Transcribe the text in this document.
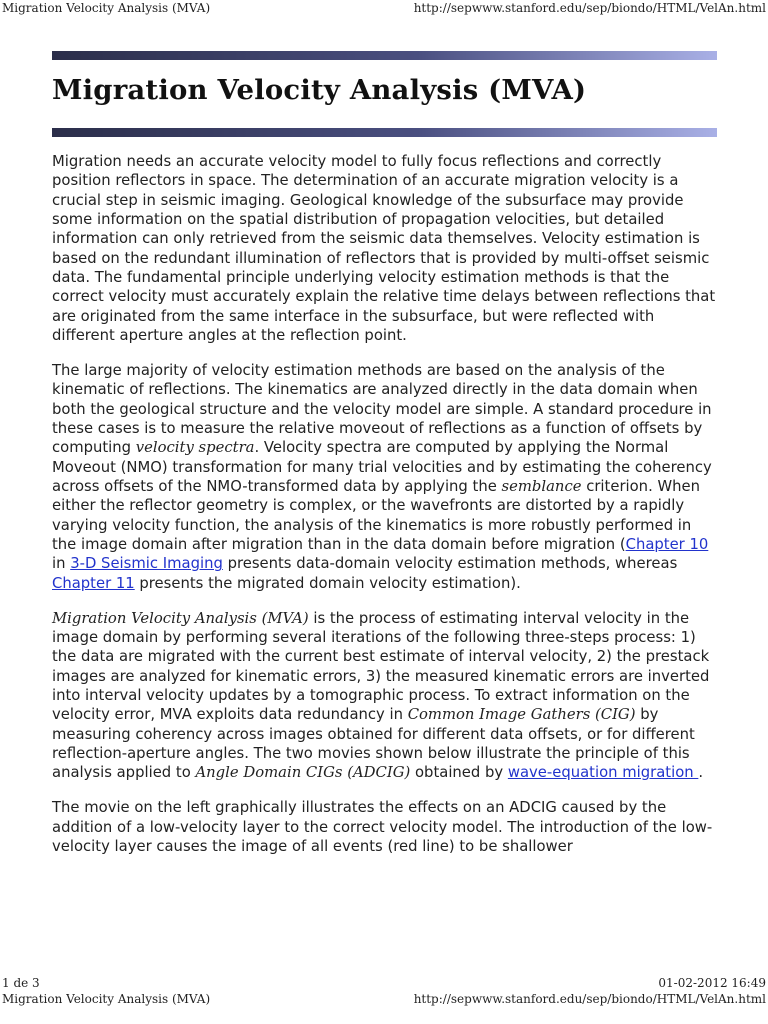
Migration Velocity Analysis (MVA)	http://sepwww.stanford.edu/sep/biondo/HTML/VelAn.html
Migration Velocity Analysis (MVA)

Migration needs an accurate velocity model to fully focus reflections and correctly position reflectors in space. The determination of an accurate migration velocity is a crucial step in seismic imaging. Geological knowledge of the subsurface may provide some information on the spatial distribution of propagation velocities, but detailed information can only retrieved from the seismic data themselves. Velocity estimation is based on the redundant illumination of reflectors that is provided by multi-offset seismic data. The fundamental principle underlying velocity estimation methods is that the correct velocity must accurately explain the relative time delays between reflections that are originated from the same interface in the subsurface, but were reflected with different aperture angles at the reflection point.

The large majority of velocity estimation methods are based on the analysis of the kinematic of reflections. The kinematics are analyzed directly in the data domain when both the geological structure and the velocity model are simple. A standard procedure in these cases is to measure the relative moveout of reflections as a function of offsets by computing velocity spectra. Velocity spectra are computed by applying the Normal Moveout (NMO) transformation for many trial velocities and by estimating the coherency across offsets of the NMO-transformed data by applying the semblance criterion. When either the reflector geometry is complex, or the wavefronts are distorted by a rapidly varying velocity function, the analysis of the kinematics is more robustly performed in the image domain after migration than in the data domain before migration (Chapter 10 in 3-D Seismic Imaging presents data-domain velocity estimation methods, whereas Chapter 11 presents the migrated domain velocity estimation).

Migration Velocity Analysis (MVA) is the process of estimating interval velocity in the image domain by performing several iterations of the following three-steps process: 1) the data are migrated with the current best estimate of interval velocity, 2) the prestack images are analyzed for kinematic errors, 3) the measured kinematic errors are inverted into interval velocity updates by a tomographic process. To extract information on the velocity error, MVA exploits data redundancy in Common Image Gathers (CIG) by measuring coherency across images obtained for different data offsets, or for different reflection-aperture angles. The two movies shown below illustrate the principle of this analysis applied to Angle Domain CIGs (ADCIG) obtained by wave-equation migration .

The movie on the left graphically illustrates the effects on an ADCIG caused by the addition of a low-velocity layer to the correct velocity model. The introduction of the low-velocity layer causes the image of all events (red line) to be shallower

1 de 3	01-02-2012 16:49
Migration Velocity Analysis (MVA)	http://sepwww.stanford.edu/sep/biondo/HTML/VelAn.html
